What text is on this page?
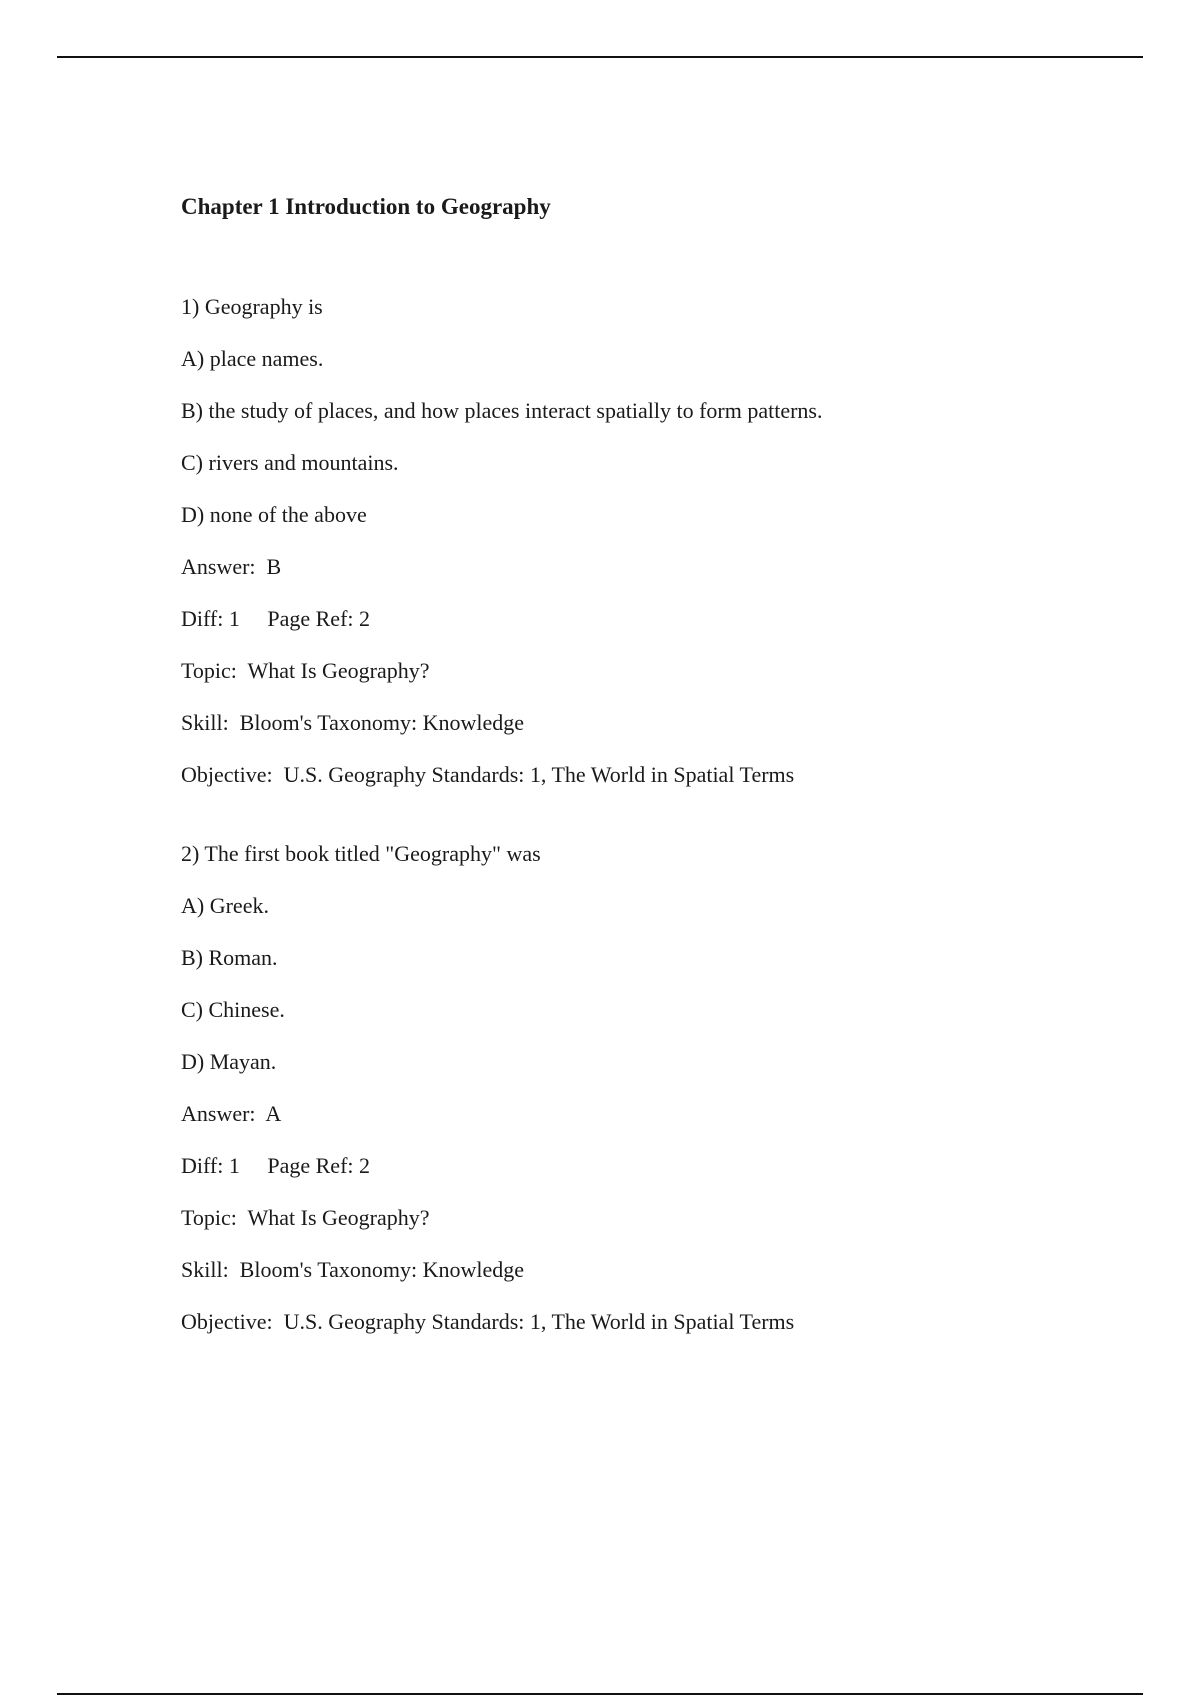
Chapter 1 Introduction to Geography
1) Geography is
A) place names.
B) the study of places, and how places interact spatially to form patterns.
C) rivers and mountains.
D) none of the above
Answer:  B
Diff: 1     Page Ref: 2
Topic:  What Is Geography?
Skill:  Bloom's Taxonomy: Knowledge
Objective:  U.S. Geography Standards: 1, The World in Spatial Terms
2) The first book titled "Geography" was
A) Greek.
B) Roman.
C) Chinese.
D) Mayan.
Answer:  A
Diff: 1     Page Ref: 2
Topic:  What Is Geography?
Skill:  Bloom's Taxonomy: Knowledge
Objective:  U.S. Geography Standards: 1, The World in Spatial Terms
